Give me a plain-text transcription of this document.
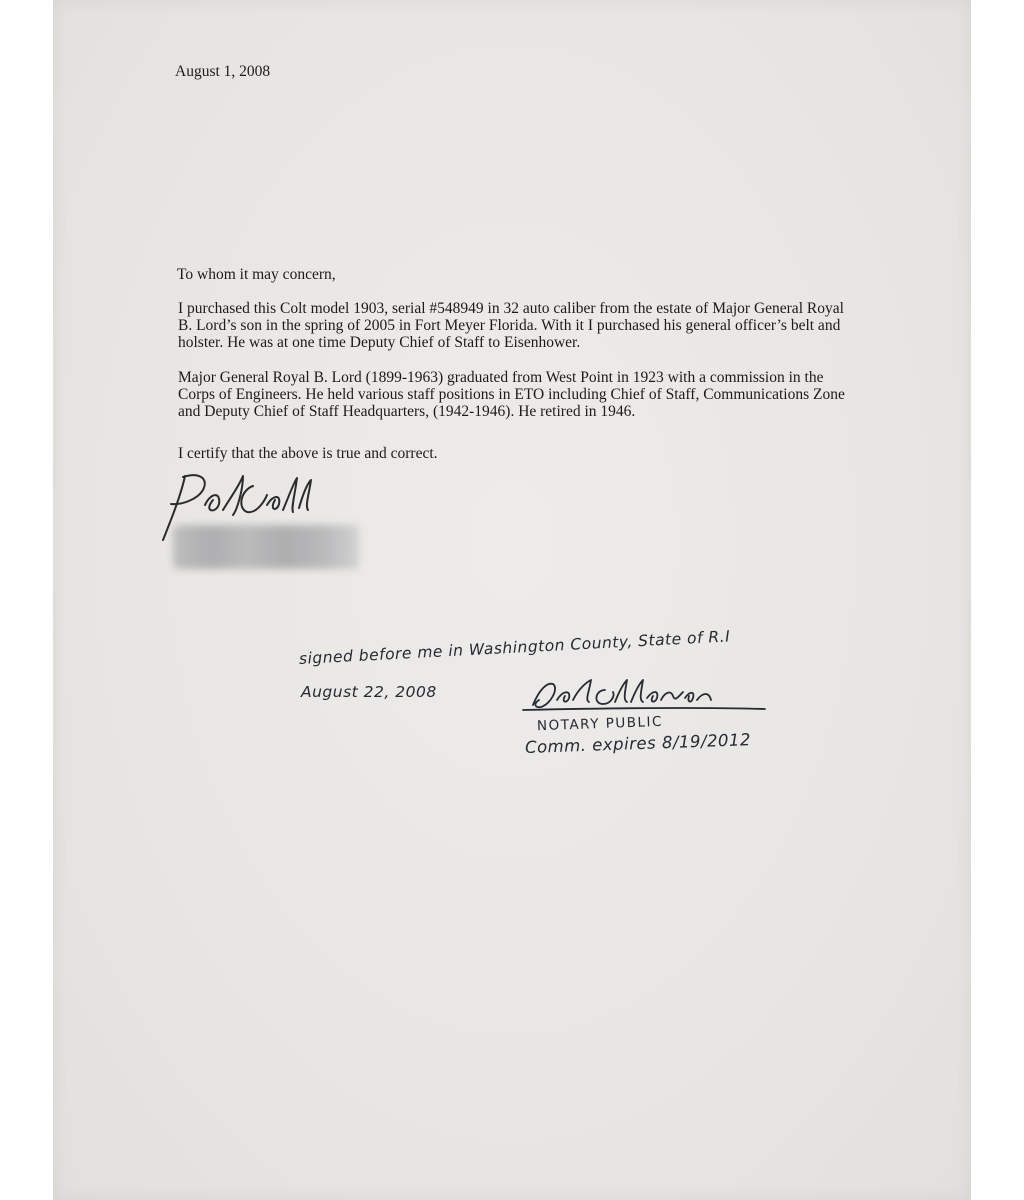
August 1, 2008

To whom it may concern,

I purchased this Colt model 1903, serial #548949 in 32 auto caliber from the estate of Major General Royal
B. Lord’s son in the spring of 2005 in Fort Meyer Florida. With it I purchased his general officer’s belt and
holster. He was at one time Deputy Chief of Staff to Eisenhower.

Major General Royal B. Lord (1899-1963) graduated from West Point in 1923 with a commission in the
Corps of Engineers. He held various staff positions in ETO including Chief of Staff, Communications Zone
and Deputy Chief of Staff Headquarters, (1942-1946). He retired in 1946.

I certify that the above is true and correct.

signed before me in Washington County, State of R.I

August 22, 2008

NOTARY PUBLIC

Comm. expires 8/19/2012
